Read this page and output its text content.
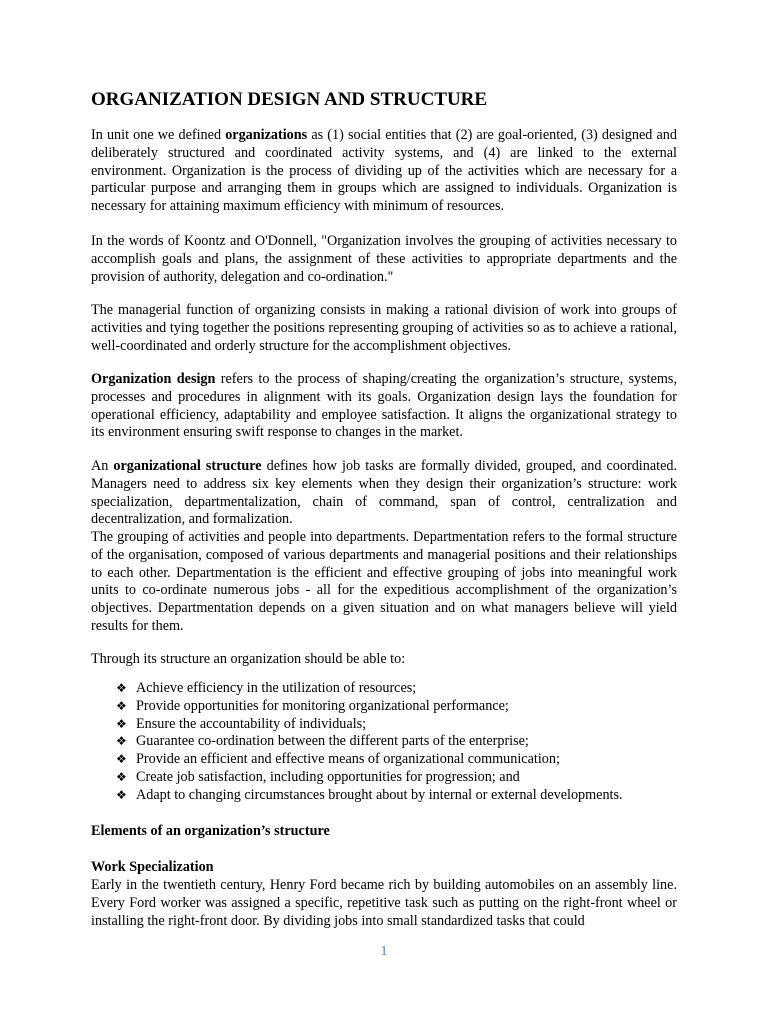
ORGANIZATION DESIGN AND STRUCTURE

In unit one we defined organizations as (1) social entities that (2) are goal-oriented, (3) designed and deliberately structured and coordinated activity systems, and (4) are linked to the external environment. Organization is the process of dividing up of the activities which are necessary for a particular purpose and arranging them in groups which are assigned to individuals. Organization is necessary for attaining maximum efficiency with minimum of resources.

In the words of Koontz and O'Donnell, "Organization involves the grouping of activities necessary to accomplish goals and plans, the assignment of these activities to appropriate departments and the provision of authority, delegation and co-ordination."

The managerial function of organizing consists in making a rational division of work into groups of activities and tying together the positions representing grouping of activities so as to achieve a rational, well-coordinated and orderly structure for the accomplishment objectives.

Organization design refers to the process of shaping/creating the organization’s structure, systems, processes and procedures in alignment with its goals. Organization design lays the foundation for operational efficiency, adaptability and employee satisfaction. It aligns the organizational strategy to its environment ensuring swift response to changes in the market.

An organizational structure defines how job tasks are formally divided, grouped, and coordinated. Managers need to address six key elements when they design their organization’s structure: work specialization, departmentalization, chain of command, span of control, centralization and decentralization, and formalization.

The grouping of activities and people into departments. Departmentation refers to the formal structure of the organisation, composed of various departments and managerial positions and their relationships to each other. Departmentation is the efficient and effective grouping of jobs into meaningful work units to co-ordinate numerous jobs - all for the expeditious accomplishment of the organization’s objectives. Departmentation depends on a given situation and on what managers believe will yield results for them.

Through its structure an organization should be able to:

❖ Achieve efficiency in the utilization of resources;
❖ Provide opportunities for monitoring organizational performance;
❖ Ensure the accountability of individuals;
❖ Guarantee co-ordination between the different parts of the enterprise;
❖ Provide an efficient and effective means of organizational communication;
❖ Create job satisfaction, including opportunities for progression; and
❖ Adapt to changing circumstances brought about by internal or external developments.

Elements of an organization’s structure

Work Specialization

Early in the twentieth century, Henry Ford became rich by building automobiles on an assembly line. Every Ford worker was assigned a specific, repetitive task such as putting on the right-front wheel or installing the right-front door. By dividing jobs into small standardized tasks that could

1
